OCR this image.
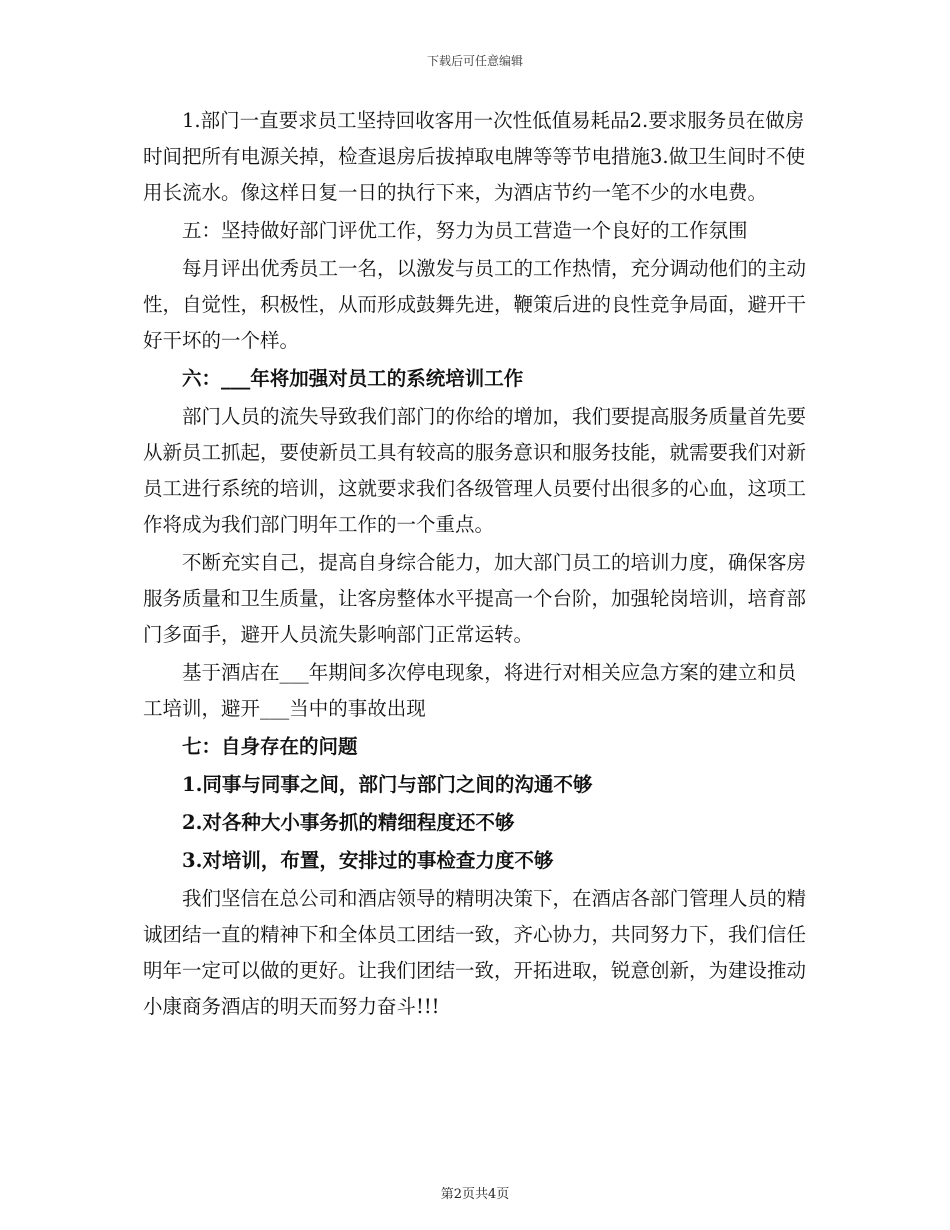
下载后可任意编辑

1.部门一直要求员工坚持回收客用一次性低值易耗品2.要求服务员在做房时间把所有电源关掉，检查退房后拔掉取电牌等等节电措施3.做卫生间时不使用长流水。像这样日复一日的执行下来，为酒店节约一笔不少的水电费。

五：坚持做好部门评优工作，努力为员工营造一个良好的工作氛围

每月评出优秀员工一名，以激发与员工的工作热情，充分调动他们的主动性，自觉性，积极性，从而形成鼓舞先进，鞭策后进的良性竞争局面，避开干好干坏的一个样。

六：___年将加强对员工的系统培训工作

部门人员的流失导致我们部门的你给的增加，我们要提高服务质量首先要从新员工抓起，要使新员工具有较高的服务意识和服务技能，就需要我们对新员工进行系统的培训，这就要求我们各级管理人员要付出很多的心血，这项工作将成为我们部门明年工作的一个重点。

不断充实自己，提高自身综合能力，加大部门员工的培训力度，确保客房服务质量和卫生质量，让客房整体水平提高一个台阶，加强轮岗培训，培育部门多面手，避开人员流失影响部门正常运转。

基于酒店在___年期间多次停电现象，将进行对相关应急方案的建立和员工培训，避开___当中的事故出现

七：自身存在的问题

1.同事与同事之间，部门与部门之间的沟通不够

2.对各种大小事务抓的精细程度还不够

3.对培训，布置，安排过的事检查力度不够

我们坚信在总公司和酒店领导的精明决策下，在酒店各部门管理人员的精诚团结一直的精神下和全体员工团结一致，齐心协力，共同努力下，我们信任明年一定可以做的更好。让我们团结一致，开拓进取，锐意创新，为建设推动小康商务酒店的明天而努力奋斗!!!

第2页共4页
